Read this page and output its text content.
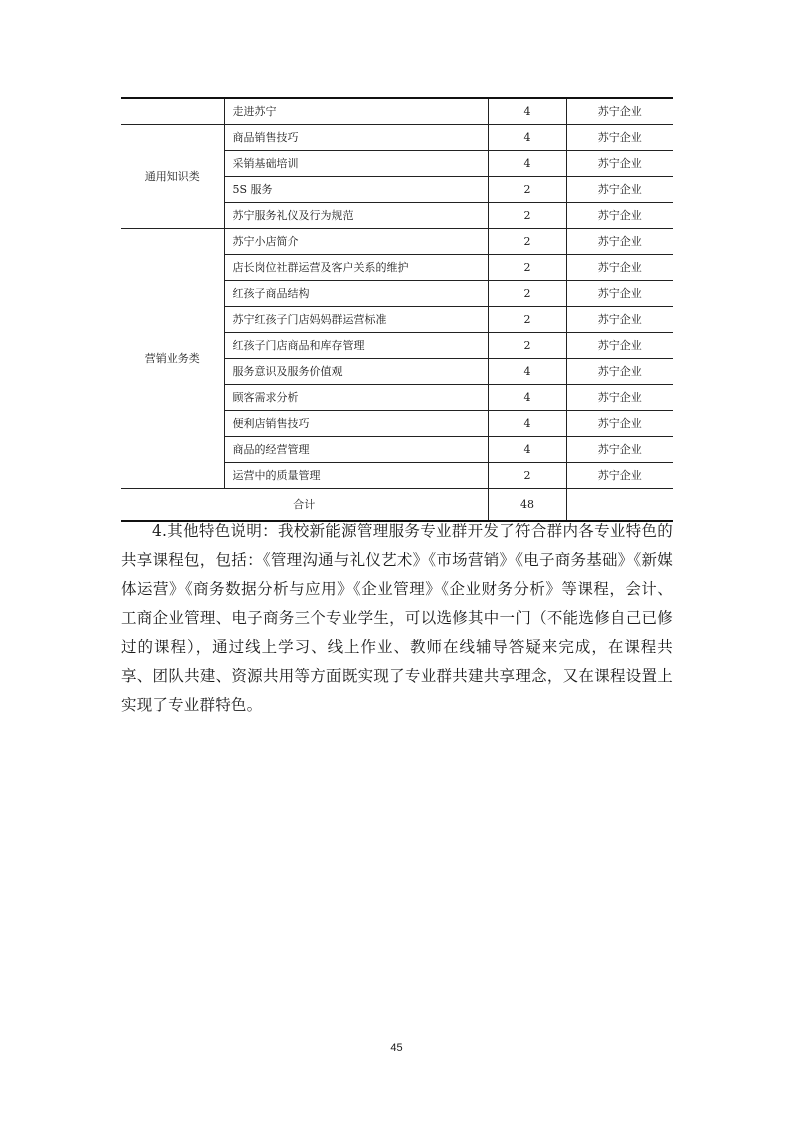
	走进苏宁	4	苏宁企业
通用知识类	商品销售技巧	4	苏宁企业
	采销基础培训	4	苏宁企业
	5S 服务	2	苏宁企业
	苏宁服务礼仪及行为规范	2	苏宁企业
营销业务类	苏宁小店简介	2	苏宁企业
	店长岗位社群运营及客户关系的维护	2	苏宁企业
	红孩子商品结构	2	苏宁企业
	苏宁红孩子门店妈妈群运营标准	2	苏宁企业
	红孩子门店商品和库存管理	2	苏宁企业
	服务意识及服务价值观	4	苏宁企业
	顾客需求分析	4	苏宁企业
	便利店销售技巧	4	苏宁企业
	商品的经营管理	4	苏宁企业
	运营中的质量管理	2	苏宁企业
合计		48	

4.其他特色说明：我校新能源管理服务专业群开发了符合群内各专业特色的共享课程包，包括：《管理沟通与礼仪艺术》《市场营销》《电子商务基础》《新媒体运营》《商务数据分析与应用》《企业管理》《企业财务分析》等课程，会计、工商企业管理、电子商务三个专业学生，可以选修其中一门（不能选修自己已修过的课程），通过线上学习、线上作业、教师在线辅导答疑来完成，在课程共享、团队共建、资源共用等方面既实现了专业群共建共享理念，又在课程设置上实现了专业群特色。

45
